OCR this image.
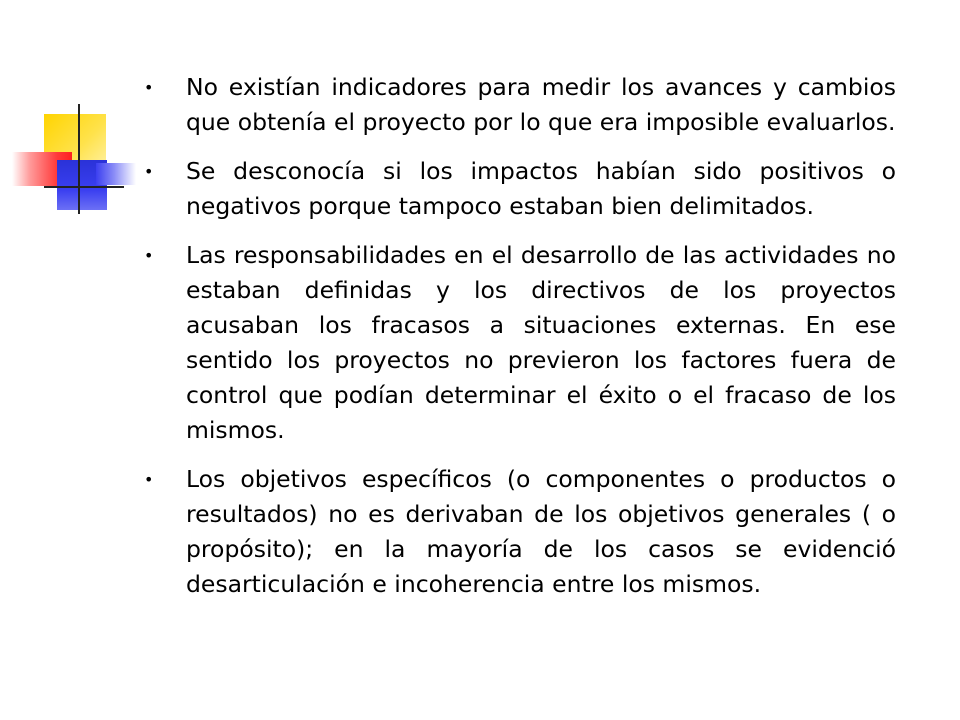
•	No existían indicadores para medir los avances y cambios que obtenía el proyecto por lo que era imposible evaluarlos.
•	Se desconocía si los impactos habían sido positivos o negativos porque tampoco estaban bien delimitados.
•	Las responsabilidades en el desarrollo de las actividades no estaban definidas y los directivos de los proyectos acusaban los fracasos a situaciones externas. En ese sentido los proyectos no previeron los factores fuera de control que podían determinar el éxito o el fracaso de los mismos.
•	Los objetivos específicos (o componentes o productos o resultados) no es derivaban de los objetivos generales ( o propósito); en la mayoría de los casos se evidenció desarticulación e incoherencia entre los mismos.
